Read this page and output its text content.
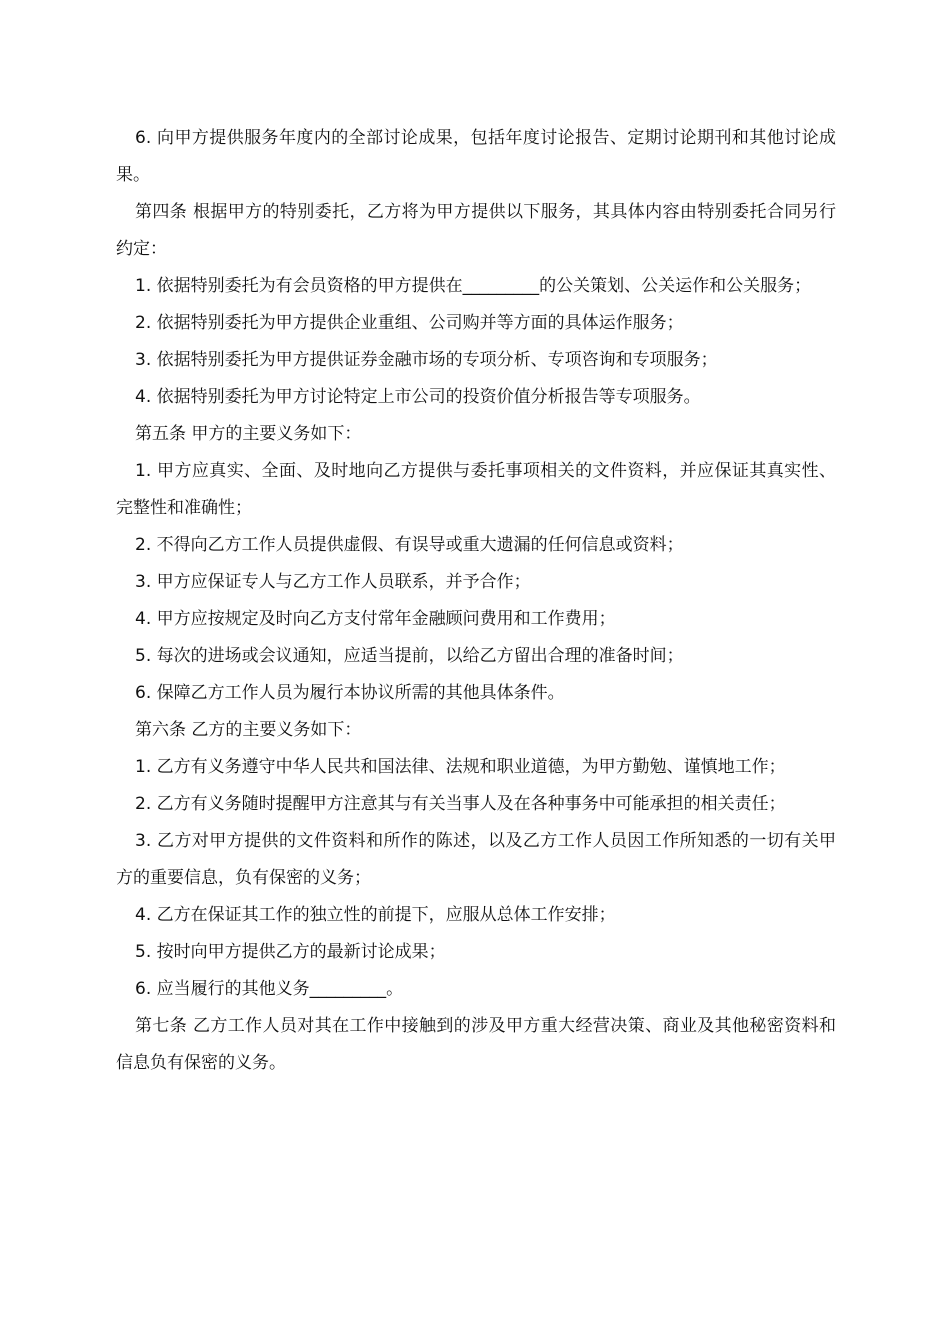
6. 向甲方提供服务年度内的全部讨论成果，包括年度讨论报告、定期讨论期刊和其他讨论成果。

第四条 根据甲方的特别委托，乙方将为甲方提供以下服务，其具体内容由特别委托合同另行约定：

1. 依据特别委托为有会员资格的甲方提供在_________的公关策划、公关运作和公关服务；

2. 依据特别委托为甲方提供企业重组、公司购并等方面的具体运作服务；

3. 依据特别委托为甲方提供证券金融市场的专项分析、专项咨询和专项服务；

4. 依据特别委托为甲方讨论特定上市公司的投资价值分析报告等专项服务。

第五条 甲方的主要义务如下：

1. 甲方应真实、全面、及时地向乙方提供与委托事项相关的文件资料，并应保证其真实性、完整性和准确性；

2. 不得向乙方工作人员提供虚假、有误导或重大遗漏的任何信息或资料；

3. 甲方应保证专人与乙方工作人员联系，并予合作；

4. 甲方应按规定及时向乙方支付常年金融顾问费用和工作费用；

5. 每次的进场或会议通知，应适当提前，以给乙方留出合理的准备时间；

6. 保障乙方工作人员为履行本协议所需的其他具体条件。

第六条 乙方的主要义务如下：

1. 乙方有义务遵守中华人民共和国法律、法规和职业道德，为甲方勤勉、谨慎地工作；

2. 乙方有义务随时提醒甲方注意其与有关当事人及在各种事务中可能承担的相关责任；

3. 乙方对甲方提供的文件资料和所作的陈述，以及乙方工作人员因工作所知悉的一切有关甲方的重要信息，负有保密的义务；

4. 乙方在保证其工作的独立性的前提下，应服从总体工作安排；

5. 按时向甲方提供乙方的最新讨论成果；

6. 应当履行的其他义务_________。

第七条 乙方工作人员对其在工作中接触到的涉及甲方重大经营决策、商业及其他秘密资料和信息负有保密的义务。
